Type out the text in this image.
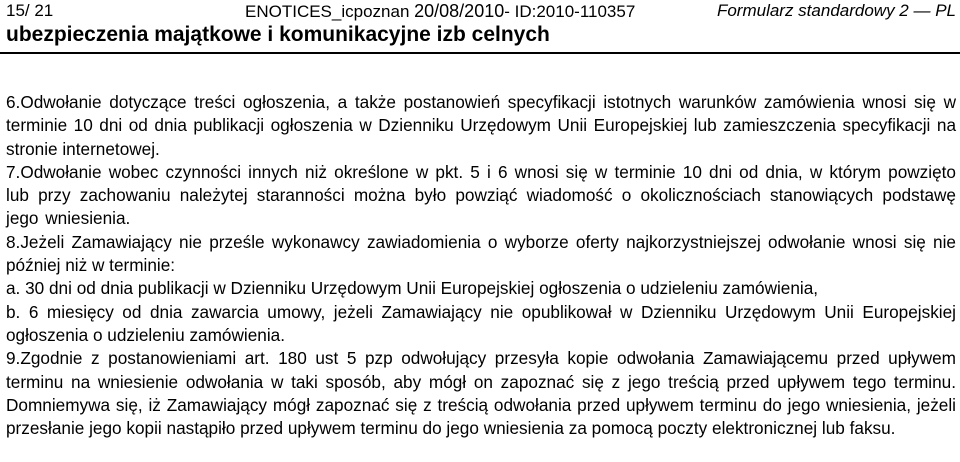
15/ 21	ENOTICES_icpoznan 20/08/2010- ID:2010-110357	Formularz standardowy 2 — PL
ubezpieczenia majątkowe i komunikacyjne izb celnych

6.Odwołanie dotyczące treści ogłoszenia, a także postanowień specyfikacji istotnych warunków zamówienia wnosi się w terminie 10 dni od dnia publikacji ogłoszenia w Dzienniku Urzędowym Unii Europejskiej lub zamieszczenia specyfikacji na stronie internetowej.

7.Odwołanie wobec czynności innych niż określone w pkt. 5 i 6 wnosi się w terminie 10 dni od dnia, w którym powzięto lub przy zachowaniu należytej staranności można było powziąć wiadomość o okolicznościach stanowiących podstawę jego wniesienia.

8.Jeżeli Zamawiający nie prześle wykonawcy zawiadomienia o wyborze oferty najkorzystniejszej odwołanie wnosi się nie później niż w terminie:

a. 30 dni od dnia publikacji w Dzienniku Urzędowym Unii Europejskiej ogłoszenia o udzieleniu zamówienia,

b. 6 miesięcy od dnia zawarcia umowy, jeżeli Zamawiający nie opublikował w Dzienniku Urzędowym Unii Europejskiej ogłoszenia o udzieleniu zamówienia.

9.Zgodnie z postanowieniami art. 180 ust 5 pzp odwołujący przesyła kopie odwołania Zamawiającemu przed upływem terminu na wniesienie odwołania w taki sposób, aby mógł on zapoznać się z jego treścią przed upływem tego terminu. Domniemywa się, iż Zamawiający mógł zapoznać się z treścią odwołania przed upływem terminu do jego wniesienia, jeżeli przesłanie jego kopii nastąpiło przed upływem terminu do jego wniesienia za pomocą poczty elektronicznej lub faksu.
